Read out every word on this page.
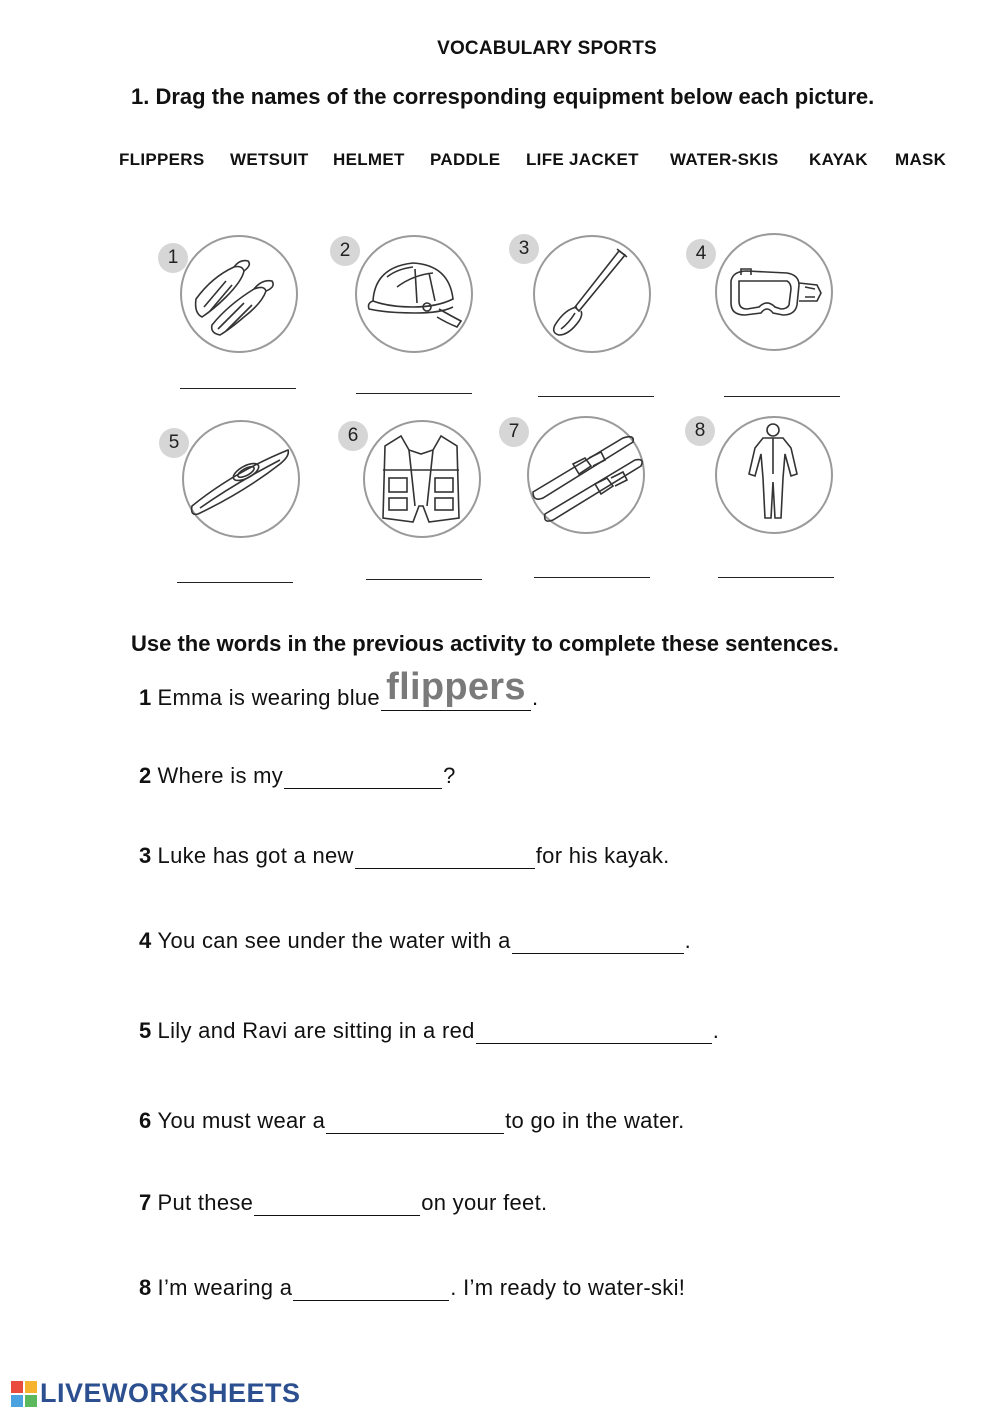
VOCABULARY SPORTS
1. Drag the names of the corresponding equipment below each picture.
FLIPPERS WETSUIT HELMET PADDLE LIFE JACKET WATER-SKIS KAYAK MASK
1	2	3	4
5	6	7	8
Use the words in the previous activity to complete these sentences.
1 Emma is wearing blue flippers .
2 Where is my	?
3 Luke has got a new	for his kayak.
4 You can see under the water with a	.
5 Lily and Ravi are sitting in a red	.
6 You must wear a	to go in the water.
7 Put these	on your feet.
8 I’m wearing a	. I’m ready to water-ski!
LIVEWORKSHEETS
